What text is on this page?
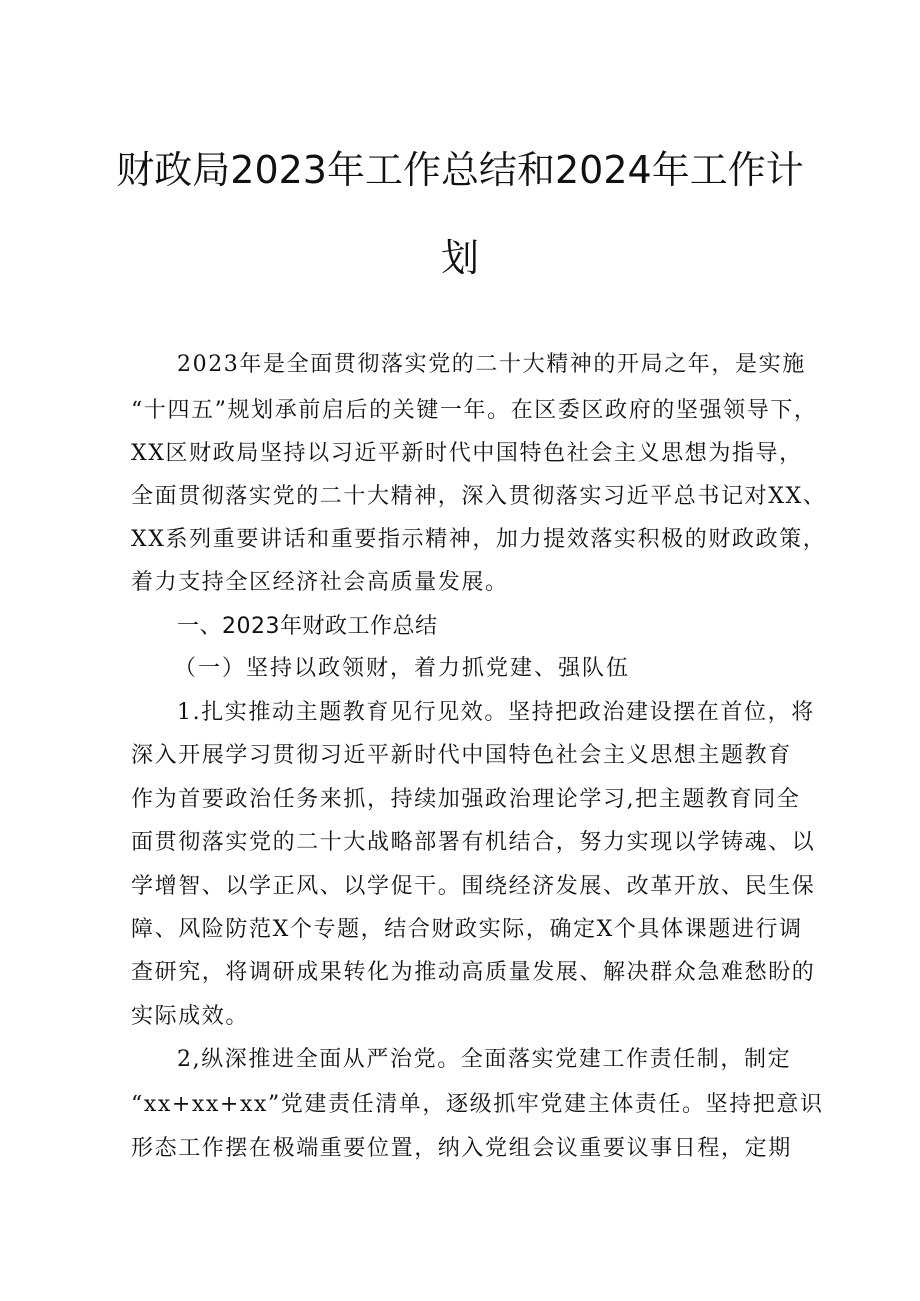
财政局2023年工作总结和2024年工作计
划
2023年是全面贯彻落实党的二十大精神的开局之年，是实施
“十四五”规划承前启后的关键一年。在区委区政府的坚强领导下，
XX区财政局坚持以习近平新时代中国特色社会主义思想为指导，
全面贯彻落实党的二十大精神，深入贯彻落实习近平总书记对XX、
XX系列重要讲话和重要指示精神，加力提效落实积极的财政政策，
着力支持全区经济社会高质量发展。
一、2023年财政工作总结
（一）坚持以政领财，着力抓党建、强队伍
1.扎实推动主题教育见行见效。坚持把政治建设摆在首位，将
深入开展学习贯彻习近平新时代中国特色社会主义思想主题教育
作为首要政治任务来抓，持续加强政治理论学习,把主题教育同全
面贯彻落实党的二十大战略部署有机结合，努力实现以学铸魂、以
学增智、以学正风、以学促干。围绕经济发展、改革开放、民生保
障、风险防范X个专题，结合财政实际，确定X个具体课题进行调
查研究，将调研成果转化为推动高质量发展、解决群众急难愁盼的
实际成效。
2,纵深推进全面从严治党。全面落实党建工作责任制，制定
“xx+xx+xx”党建责任清单，逐级抓牢党建主体责任。坚持把意识
形态工作摆在极端重要位置，纳入党组会议重要议事日程，定期
